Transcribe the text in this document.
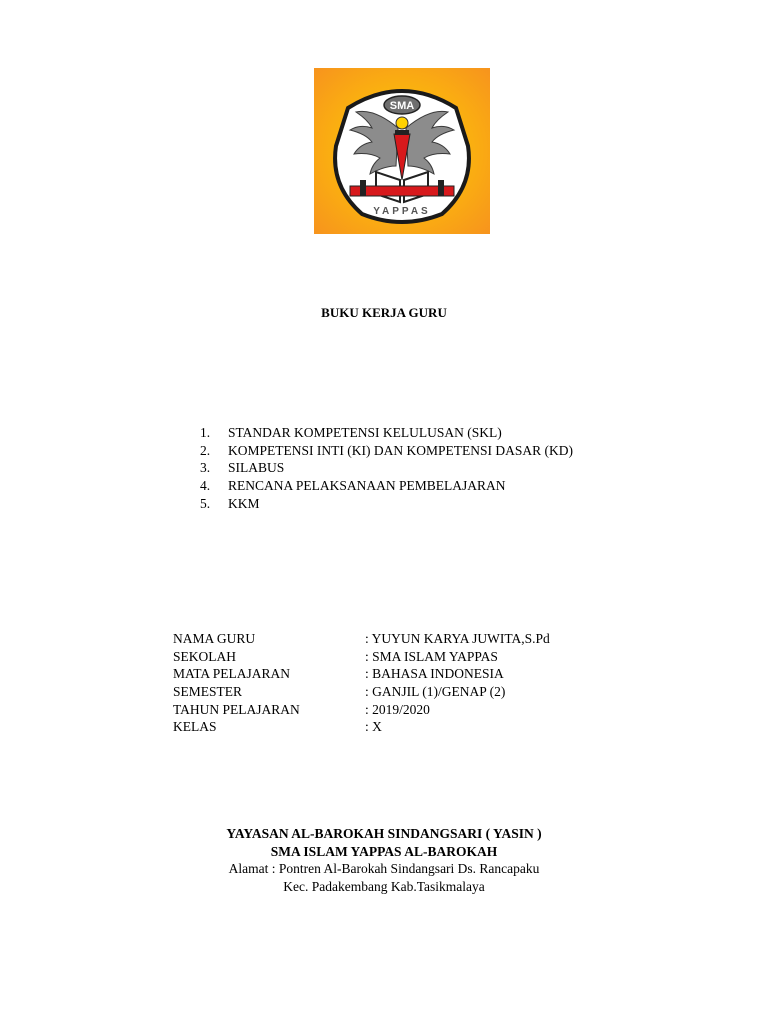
SMA
YAPPAS
BUKU KERJA GURU
1. STANDAR KOMPETENSI KELULUSAN (SKL)
2. KOMPETENSI INTI (KI) DAN KOMPETENSI DASAR (KD)
3. SILABUS
4. RENCANA PELAKSANAAN PEMBELAJARAN
5. KKM
NAMA GURU	: YUYUN KARYA JUWITA,S.Pd
SEKOLAH	: SMA ISLAM YAPPAS
MATA PELAJARAN	: BAHASA INDONESIA
SEMESTER	: GANJIL (1)/GENAP (2)
TAHUN PELAJARAN	: 2019/2020
KELAS	: X
YAYASAN AL-BAROKAH SINDANGSARI ( YASIN )
SMA ISLAM YAPPAS AL-BAROKAH
Alamat : Pontren Al-Barokah Sindangsari Ds. Rancapaku
Kec. Padakembang Kab.Tasikmalaya
